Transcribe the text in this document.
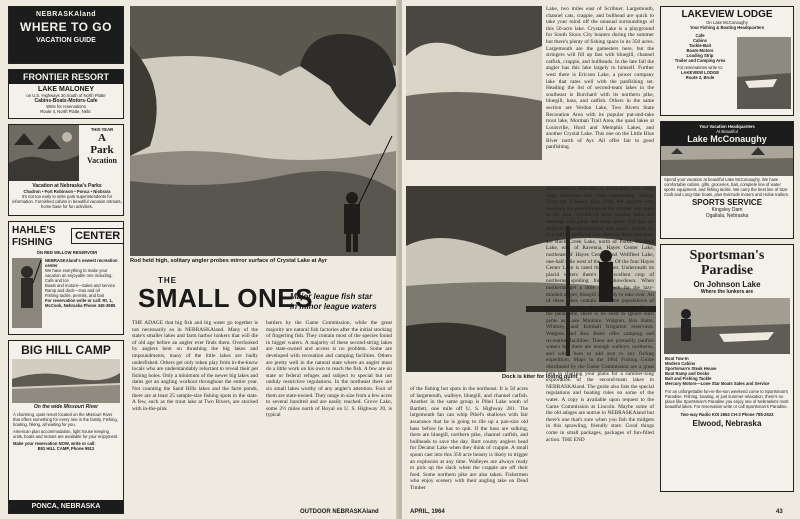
NEBRASKAland
WHERE TO GO
VACATION GUIDE
FRONTIER RESORT
LAKE MALONEY
on U.S. Highways 30 South of North Platte
Cabins-Boats-Motors-Cafe
Write for reservations
Route 4, North Platte, Nebr.
THIS YEAR
A
Park
Vacation
Vacation at Nebraska's Parks
Chadron • Fort Robinson • Ponca • Niobrara
It's not too early to write park superintendents for information. Furnished cabins in beautiful vacation retreats, home base for fun activities.
HAHLE'S
FISHING
CENTER
ON RED WILLOW RESERVOIR
NEBRASKAland's newest recreation center
We have everything to make your vacation an enjoyable one including:
Cafe and Ice
Boats and motors—Sales and service
Ramp and dock—Gas and oil
Fishing tackle, permits, and bait
For reservation write or call: Rt. 1, McCook, Nebraska Phone 345-3585
BIG HILL CAMP
On the wide Missouri River
A charming, quiet resort located on the Missouri River that offers something for every one in the family. Fishing, boating, hiking, all waiting for you.
American plan accommodation, light house keeping units, boats and motors are available for your enjoyment.
Make your reservation NOW, write or call:
BIG HILL CAMP, Phone 9912
PONCA, NEBRASKA
Rod held high, solitary angler probes mirror surface of Crystal Lake at Ayr
THE
SMALL ONES
Major league fish star
in minor league waters
THE ADAGE that big fish and big water go together is not necessarily so in NEBRASKAland. Many of the state's smaller lakes and farm harbor lunkers that will die of old age before an angler ever finds them. Overlooked by anglers bent on thrashing the big lakes and impoundments, many of the little lakes are badly underfished. Others get only token play from in-the-know locals who are understandably reluctant to reveal their pet fishing holes. Only a minimum of the newer big lakes and dams get an angling workout throughout the entire year. Not counting the Sand Hills lakes and the farm ponds, there are at least 25 sample-size fishing spots in the state. A few, such as the trout lake at Two Rivers, are stocked with in-the-pink
battlers by the Game Commission, while the great majority are natural fish factories after the initial stocking of fingerling fish. They contain most of the species found in bigger waters. A majority of these second-string lakes are state-owned and access is no problem. Some are developed with recreation and camping facilities. Others are pretty well in the natural state where an angler must do a little work on his own to reach the fish. A few are on state or federal refuges and subject to special but not unduly restrictive regulations. In the northeast there are six small lakes worthy of any angler's attention. Four of them are state-owned. They range in size from a few acres to several hundred and are easily reached. Grove Lake, some 2½ miles north of Royal on U. S. Highway 20, is typical
42	OUTDOOR NEBRASKAland
Lake, two miles east of Scribner. Largemouth, channel cats, crappie, and bullhead are quick to take your mind off the unusual surroundings of this 50-acre lake. Crystal Lake is a playground for South Sioux City boaters during the summer but there's plenty of fishing space in its 350 acres. Largemouth are the gamesters here, but the stringers will fill up fast with bluegill, channel catfish, crappie, and bullheads. In the late fall the angler has this lake largely to himself. Further west there is Ericson Lake, a power company lake that rates well with the panfishing set. Heading the list of second-team lakes in the southeast is Burchard with its northern pike, bluegill, bass, and catfish. Others in the same section are Verdon Lake, Two Rivers State Recreation Area with its popular put-and-take trout lake, Morman Trail Area, the quad lakes at Louisville, Hord and Memphis Lakes, and another Crystal Lake. This one on the Little Blue River north of Ayr. All offer fair to good panfishing.
Dock is kiter for losing quint
of the fishing hot spots in the northeast. It is 50 acres of largemouth, walleye, bluegill, and channel catfish. Another in the same group is Pibel Lake south of Bartlett, one mile off U. S. Highway 281. The largemouth fan can whip Pibel's shallows with fair assurance that he is going to rile up a pan-size old bass before he has to quit. If the bass are sulking, there are bluegill, northern pike, channel catfish, and bullheads to save the day. Burt county anglers head for Decatur Lake when they think of crappie. A small spoon cast into this 350 acre beauty is likely to trigger an explosion at any time. Walleyes are always ready to pick up the slack when the crappie are off their feed. Some northern pike are also taken. Fishermen who enjoy scenery with their angling take on Dead Timber
Southwestern Nebraska is dominated with some huge reservoirs that offer outstanding fishing. They get a heavy play from the anglers who overlook the possibilities of the smaller wet spots in the area. Several of these smaller lakes are teeming with game and some game fish that are relatively unsophisticated and easily fooled by live bait or artificial lure. Among these hot spots are Rock Creek Lake, north of Parks, Ravenna Lake, east of Ravenna, Hayes Center Lake, northeast of Hayes Center, and Wellfleet Lake, one-half mile west of the town. Of the four Hayes Center Lake is rated the sleeper. Underneath its placid waters there's an excellent crop of northerns spoiling for a showdown. When northerns get a little too much for the lazy-minded angler, bluegill are ready to take over. All of these lakes contain catchable populations of largemouths, channel catfish, and crappie. Out in the panhandle, there is no need to ignore such gems as Lake Minitare, Walgren, Box Butte, Whitney, and Kimball Irrigation reservoirs. Walgren and Box Butte offer camping and recreation facilities. These are primarily panfish waters but there are enough walleye, northerns, and white bass to add zest to any fishing expedition. Maps in the 1964 Fishing Guide distributed by the Game Commission are a great help in charting your plans for a summer-long exploration of the second-team lakes in NEBRASKAland. The guide also lists the special regulations and boating rules on some of the water. A copy is available upon request to the Game Commission at Lincoln. Maybe some of the old adages are untrue in NEBRASKAland but there's one that's sure when you fish the midgets in this sprawling, friendly state. Good things come in small packages, packages of fun-filled action. THE END
APRIL, 1964	43
LAKEVIEW LODGE
On Lake McConaughy
Your Fishing & Boating Headquarters
Cafe
Cabins
Tackle-Bait
Boats-Motors
Loading Strip
Trailer and Camping Area
For reservations write to:
LAKEVIEW LODGE
Route 2, Brule
Your Vacation Headquarters
At Beautiful
Lake McConaughy
Spend your vacation at beautiful Lake McConaughy. We have comfortable cabins, gifts, groceries, bait, complete line of water sports equipment, and fishing tackle. We carry the best line of Star-Craft and Long-Star boats, plus Evinrude motors and Hobie trailers.
SPORTS SERVICE
Kingsley Dam
Ogallala, Nebraska
Sportsman's
Paradise
On Johnson Lake
Where the lunkers are
Boat Tow-In
Modern Cabins
Sportsman's Steak House
Boat Ramp and Docks
Bait and Fishing Tackle
Mercury Motors—Lone Star Boats Sales and Service
For an unforgettable fun-in-the-sun weekend come to Sportsman's Paradise. Fishing, boating, or just summer relaxation, there's no place like Sportsman's Paradise you enjoy one of Nebraska's most beautiful lakes. For reservation write or call Sportsman's Paradise.
Two-way Radio KOI 2663 CH-3 Phone 785-2523
Elwood, Nebraska
